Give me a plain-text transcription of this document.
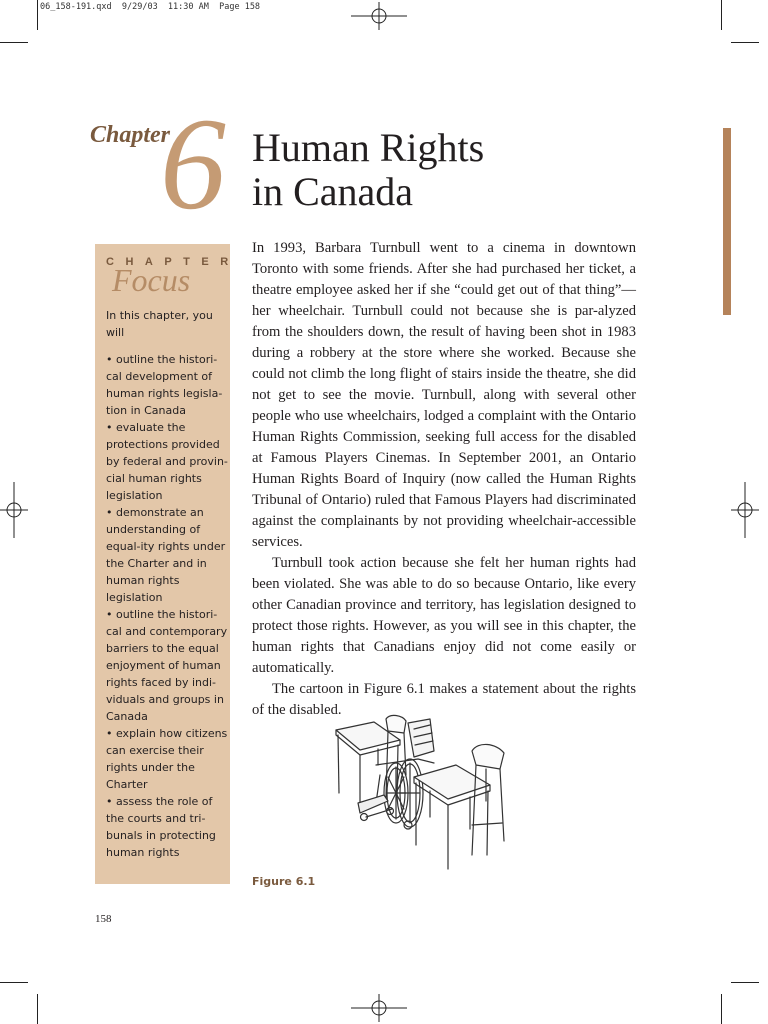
06_158-191.qxd  9/29/03  11:30 AM  Page 158
6
Chapter Human Rights
in Canada
Focus
CHAPTER

In this chapter, you will

• outline the histori-cal development of human rights legisla-tion in Canada
• evaluate the protections provided by federal and provin-cial human rights legislation
• demonstrate an understanding of equal-ity rights under the Charter and in human rights legislation
• outline the histori-cal and contemporary barriers to the equal enjoyment of human rights faced by indi-viduals and groups in Canada
• explain how citizens can exercise their rights under the Charter
• assess the role of the courts and tri-bunals in protecting human rights

In 1993, Barbara Turnbull went to a cinema in downtown Toronto with some friends. After she had purchased her ticket, a theatre employee asked her if she “could get out of that thing”—her wheelchair. Turnbull could not because she is par-alyzed from the shoulders down, the result of having been shot in 1983 during a robbery at the store where she worked. Because she could not climb the long flight of stairs inside the theatre, she did not get to see the movie. Turnbull, along with several other people who use wheelchairs, lodged a complaint with the Ontario Human Rights Commission, seeking full access for the disabled at Famous Players Cinemas. In September 2001, an Ontario Human Rights Board of Inquiry (now called the Human Rights Tribunal of Ontario) ruled that Famous Players had discriminated against the complainants by not providing wheelchair-accessible services.

Turnbull took action because she felt her human rights had been violated. She was able to do so because Ontario, like every other Canadian province and territory, has legislation designed to protect those rights. However, as you will see in this chapter, the human rights that Canadians enjoy did not come easily or automatically.

The cartoon in Figure 6.1 makes a statement about the rights of the disabled.

Figure 6.1
158
